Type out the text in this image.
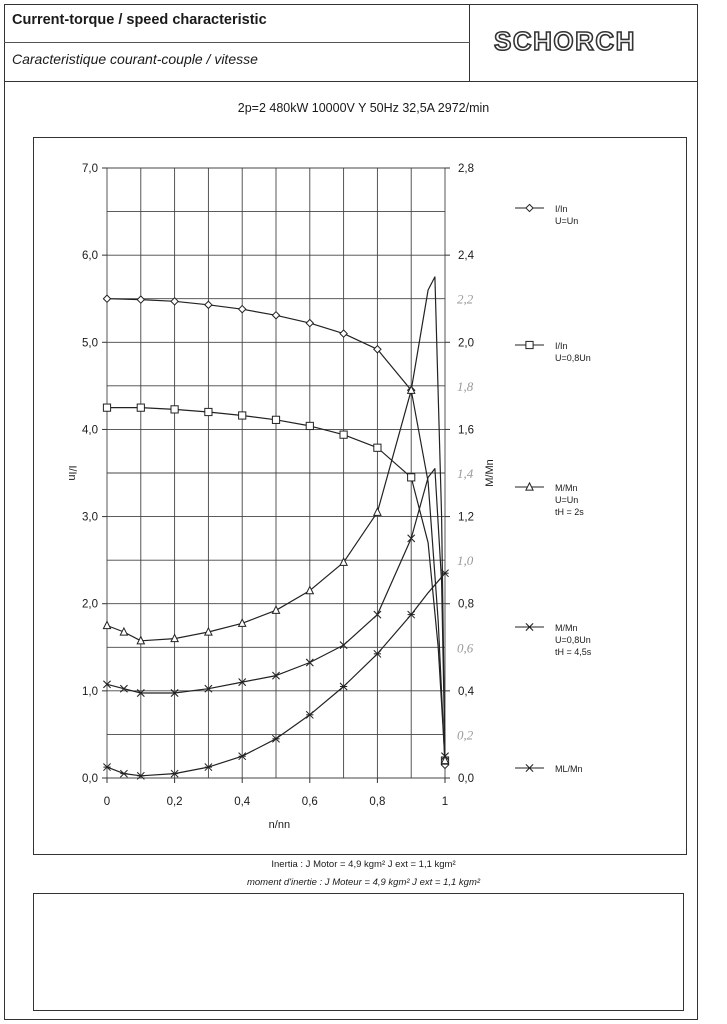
Current-torque / speed characteristic
Caracteristique courant-couple / vitesse
SCHORCH
2p=2 480kW 10000V Y 50Hz 32,5A 2972/min
0,0
1,0
2,0
3,0
4,0
5,0
6,0
7,0
0,0
0,4
0,8
1,2
1,6
2,0
2,4
2,8
0	0,2	0,4	0,6	0,8	1
n/nn
I/In	M/Mn
2,2
1,8
1,4
1,0
0,6
0,2
I/In
U=Un
I/In
U=0,8Un
M/Mn
U=Un
tH = 2s
M/Mn
U=0,8Un
tH = 4,5s
ML/Mn
Inertia : J Motor = 4,9 kgm² J ext = 1,1 kgm²
moment d'inertie : J Moteur = 4,9 kgm² J ext = 1,1 kgm²
